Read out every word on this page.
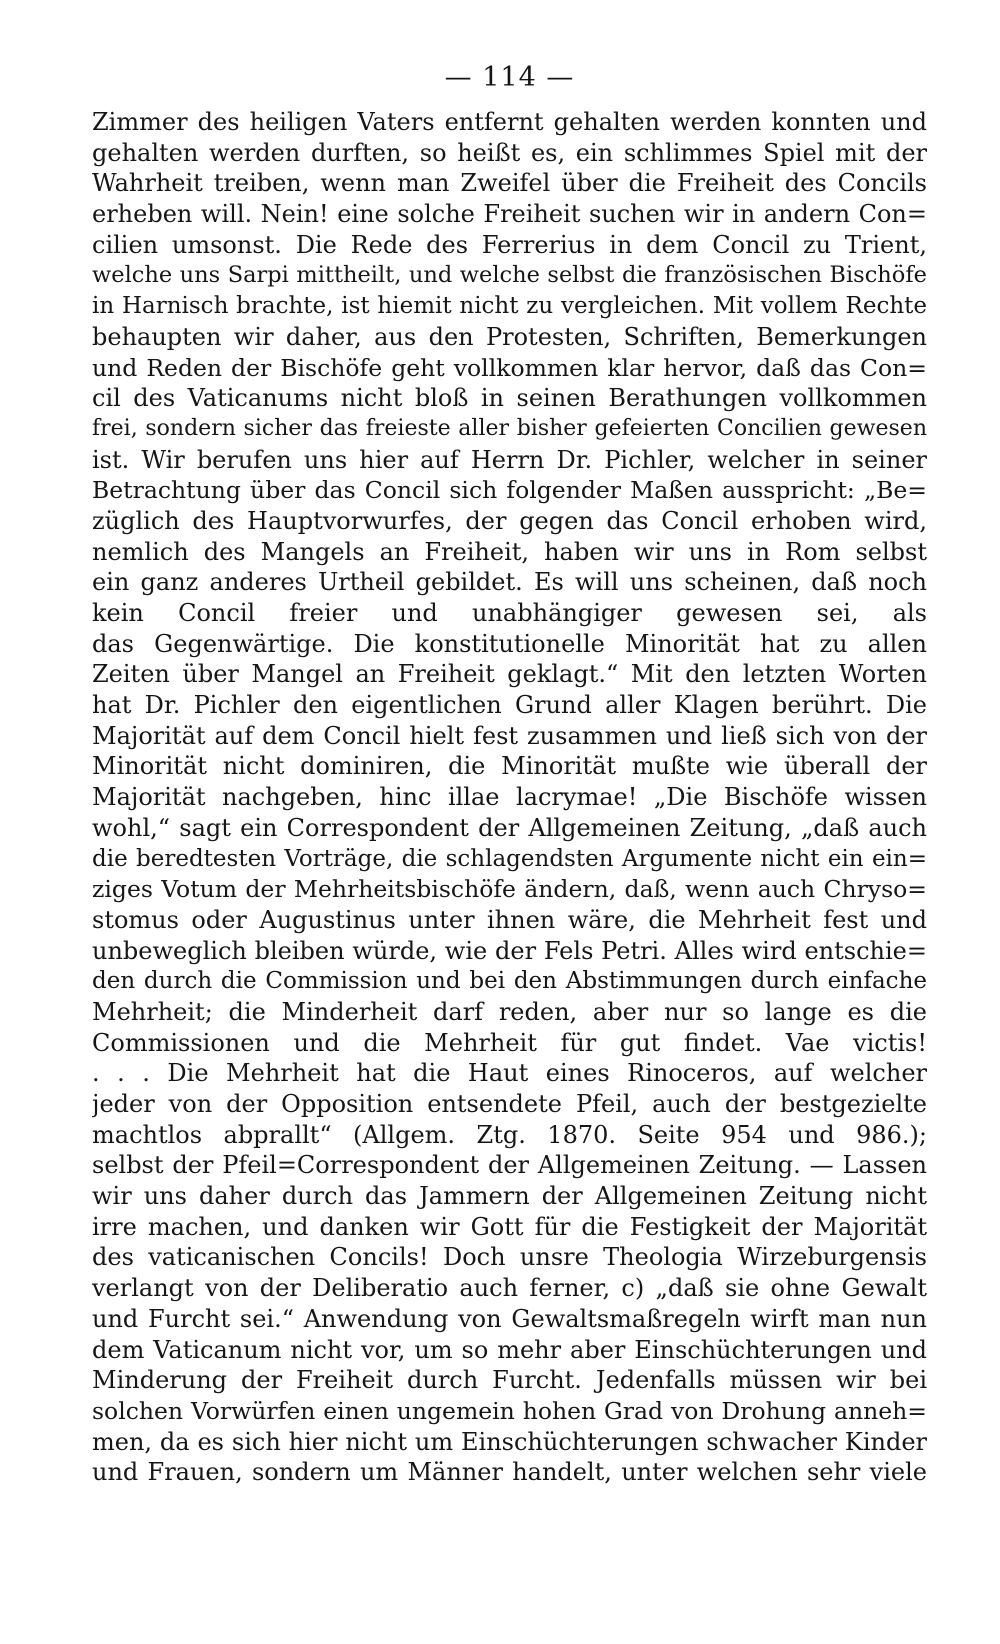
— 114 —
Zimmer des heiligen Vaters entfernt gehalten werden konnten und
gehalten werden durften, so heißt es, ein schlimmes Spiel mit der
Wahrheit treiben, wenn man Zweifel über die Freiheit des Concils
erheben will. Nein! eine solche Freiheit suchen wir in andern Con=
cilien umsonst. Die Rede des Ferrerius in dem Concil zu Trient,
welche uns Sarpi mittheilt, und welche selbst die französischen Bischöfe
in Harnisch brachte, ist hiemit nicht zu vergleichen. Mit vollem Rechte
behaupten wir daher, aus den Protesten, Schriften, Bemerkungen
und Reden der Bischöfe geht vollkommen klar hervor, daß das Con=
cil des Vaticanums nicht bloß in seinen Berathungen vollkommen
frei, sondern sicher das freieste aller bisher gefeierten Concilien gewesen
ist. Wir berufen uns hier auf Herrn Dr. Pichler, welcher in seiner
Betrachtung über das Concil sich folgender Maßen ausspricht: „Be=
züglich des Hauptvorwurfes, der gegen das Concil erhoben wird,
nemlich des Mangels an Freiheit, haben wir uns in Rom selbst
ein ganz anderes Urtheil gebildet. Es will uns scheinen, daß noch
kein Concil freier und unabhängiger gewesen sei, als
das Gegenwärtige. Die konstitutionelle Minorität hat zu allen
Zeiten über Mangel an Freiheit geklagt.“ Mit den letzten Worten
hat Dr. Pichler den eigentlichen Grund aller Klagen berührt. Die
Majorität auf dem Concil hielt fest zusammen und ließ sich von der
Minorität nicht dominiren, die Minorität mußte wie überall der
Majorität nachgeben, hinc illae lacrymae! „Die Bischöfe wissen
wohl,“ sagt ein Correspondent der Allgemeinen Zeitung, „daß auch
die beredtesten Vorträge, die schlagendsten Argumente nicht ein ein=
ziges Votum der Mehrheitsbischöfe ändern, daß, wenn auch Chryso=
stomus oder Augustinus unter ihnen wäre, die Mehrheit fest und
unbeweglich bleiben würde, wie der Fels Petri. Alles wird entschie=
den durch die Commission und bei den Abstimmungen durch einfache
Mehrheit; die Minderheit darf reden, aber nur so lange es die
Commissionen und die Mehrheit für gut findet. Vae victis!
. . . Die Mehrheit hat die Haut eines Rinoceros, auf welcher
jeder von der Opposition entsendete Pfeil, auch der bestgezielte
machtlos abprallt“ (Allgem. Ztg. 1870. Seite 954 und 986.);
selbst der Pfeil=Correspondent der Allgemeinen Zeitung. — Lassen
wir uns daher durch das Jammern der Allgemeinen Zeitung nicht
irre machen, und danken wir Gott für die Festigkeit der Majorität
des vaticanischen Concils! Doch unsre Theologia Wirzeburgensis
verlangt von der Deliberatio auch ferner, c) „daß sie ohne Gewalt
und Furcht sei.“ Anwendung von Gewaltsmaßregeln wirft man nun
dem Vaticanum nicht vor, um so mehr aber Einschüchterungen und
Minderung der Freiheit durch Furcht. Jedenfalls müssen wir bei
solchen Vorwürfen einen ungemein hohen Grad von Drohung anneh=
men, da es sich hier nicht um Einschüchterungen schwacher Kinder
und Frauen, sondern um Männer handelt, unter welchen sehr viele
